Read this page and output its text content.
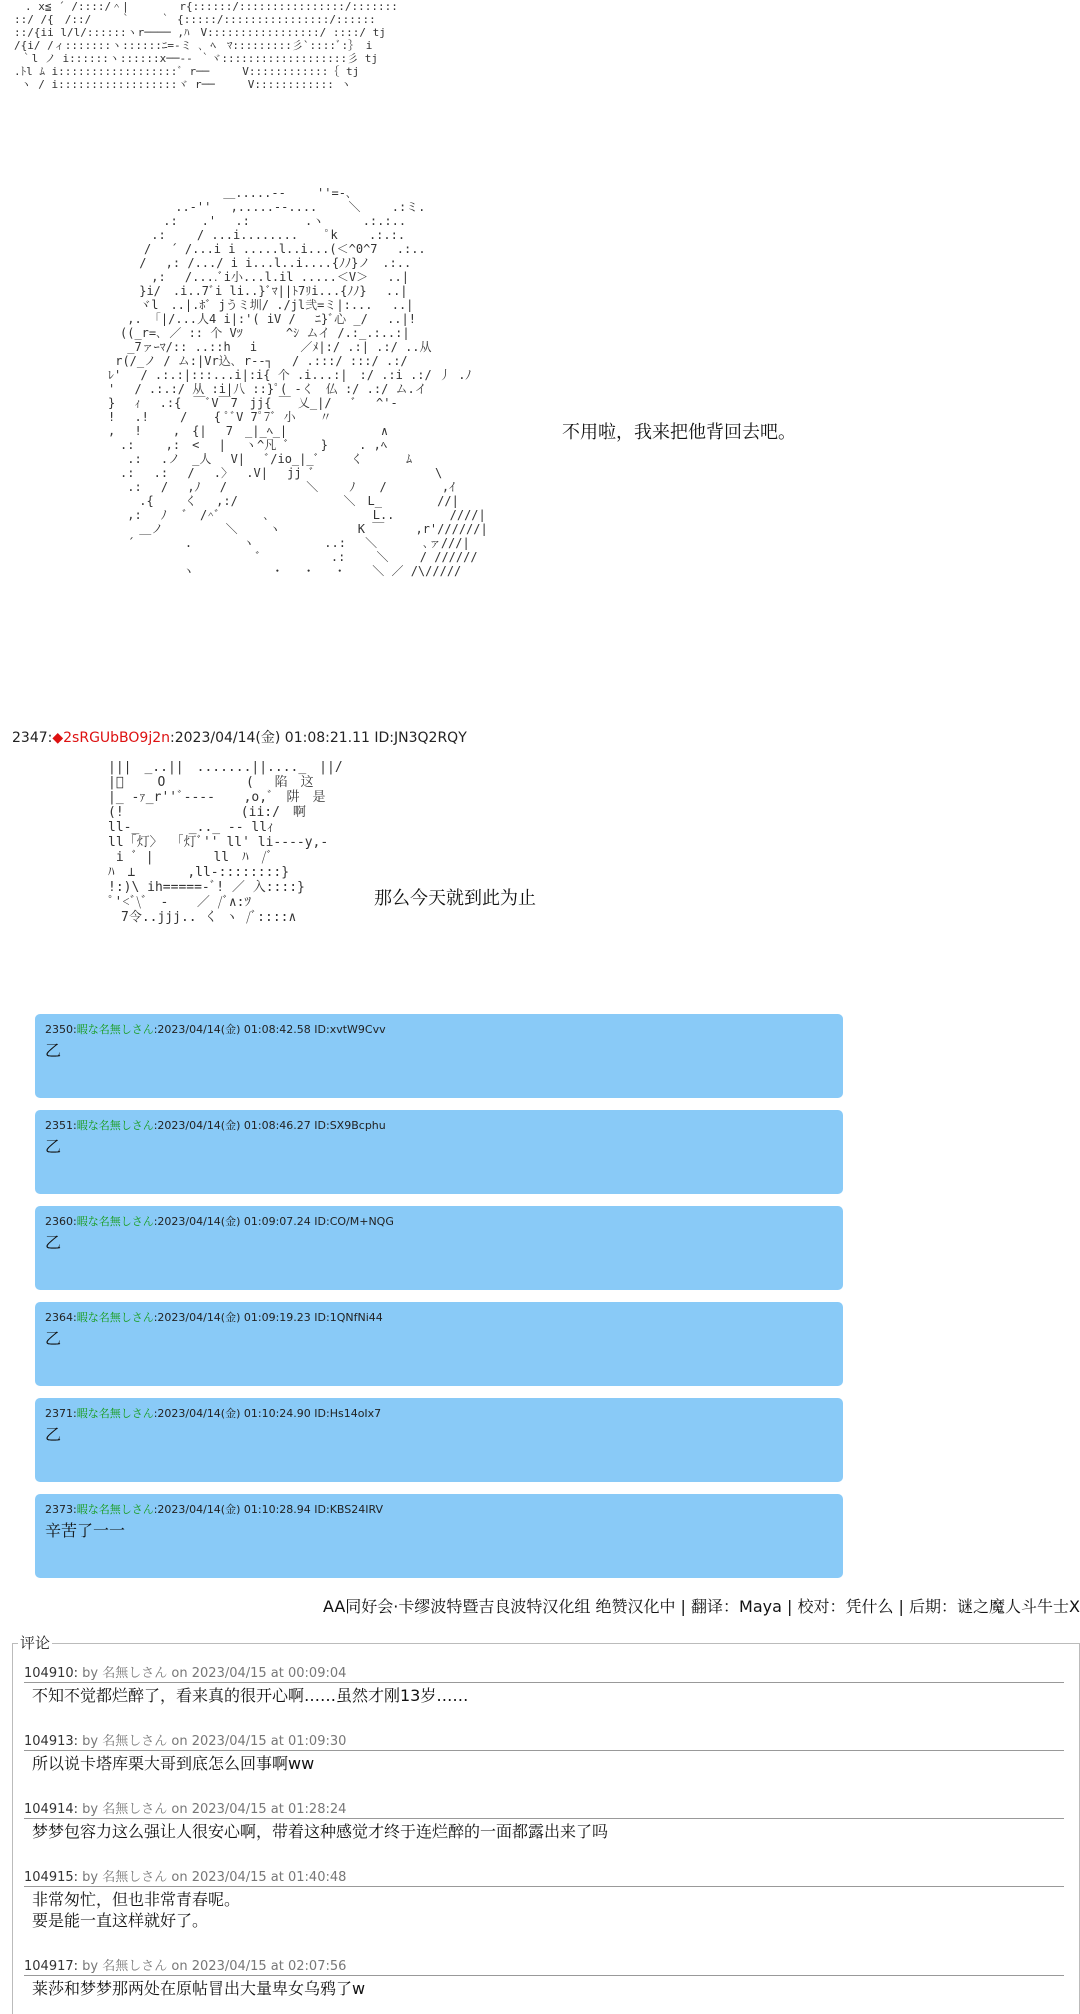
　. x≦ ´ /::::/＾|　　　　 r{::::::/::::::::::::::::/:::::::
::/ /{　/::/　　 ｀　　 ｀ {:::::/::::::::::::::::/::::::
::/{ii l/l/::::::ヽr──── ,ﾊ　V:::::::::::::::::/ ::::/ tj
/{i/ /ィ:::::::ヽ::::::ﾆ=-ミ ､ ﾍ　ﾏ:::::::::彡`::::ﾞ:｝ i
｀l ノ i::::::ヽ::::::x──-- ｀ヾ:::::::::::::::::::彡 tj
.ﾄl ﾑ i::::::::::::::::::ﾞ r──　　　V::::::::::::｛ tj
ヽ / i::::::::::::::::::ヾ r──　　　V:::::::::::: ヽ
　　　　　　　　　 ＿.....--　　 ''=-､
　　　　　 ..-''　 ,.....--....　　 ＼　　 .:ミ.
　　　　 .:　　.'　 .:　　　　 .ヽ　 　 .:.:..
　　　 .:　 　/ ...i........ 　 ﾟk　　 .:.:.
　　　/　 ´ /...i i .....l..i...(＜^0^7　 .:..
　　 /　 ,: /.../ i i...l..i....{ﾉﾉ}ノ　.:..
　　 　,:　 /....ﾞi小...l.il .....＜V＞　 ..|
　　 }i/　.i..7ﾞi li..}ﾞﾏ||ﾄ7ﾘi...{ﾉﾉ}　 ..|
　　 ヾl　..|.ﾎﾞ jうミ圳/ ./jl弐=ミ|:...　 ..|
　 ,. 「|/...人4 i|:'( iV / 　ﾆ}ﾞ心 _/　 ..|!
　((_r=､ ／ :: 个 Vﾂ　　　 ^ｼ ムイ /.:_.:..:|
　 _7ァｰﾏ/:: ..::h　 i　　　 ／ﾒ|:/ .:| .:/ ..从
r(/_ノ / ム:|Vr込､ r--┐　 / .:::/ :::/ .:/
ﾚ'　 / .:.:|:::...i|:i{ 个 .i...:|　:/ .:i .:/ 丿 .ﾉ
'　 / .:.:/ 从 :i|八 ::}ﾟ( -く　仏 :/ .:/ ム.イ
}　 ｨ　 .:{　￣ﾞV￣7　jj{ ￣ 乂_|/ 　ﾞ 　^'-
!　 .!　 　/ 　 { ﾟﾞV 7ﾟ7ﾞ 小　　〃
,　 !　　 ,　{|　 7　_|_ﾍ_|　　 　 　　　 ∧
　.:　　 ,:　<　 |　 ヽ^凡 ﾞ　　 }　　 . ,ﾍ
　 .:　 .ノ　_人　 V|　 ﾞ/io_|_ﾞ　　 く　　　 ﾑ
　.:　 .:　 /　 .〉　 .V|　 jj ﾞ　 　 　　 　 　 　\
　 .:　 /　 ,ﾉ　 /　　　　　　 ＼　　 ﾉ　　/　　　　 ,ｲ
　　 .{　　 く　 ,:/　 　　　　　 　 ＼　L_　　　　 //|
　 ,:　 ﾉ　 ﾞ　/^ﾞ　　　 ､ 　 　 　 　 　 L..　　　　 ////|
　　 ＿ノ　　　 　 ＼　　 ヽ 　 　　 　 K ￣　　 ,r'//////|
　 ´　 　　 .　　 　 ヽ　　 　 　 ..:　 ＼ 　 　 ､ァ///|
　　　　 　 　 　 　 　 ﾞ　 　　 　 .:　　 ＼　　 / //////
　　　　 　 ヽ　 　 　 　 ・　 ・　 ・ 　 ＼ ／ /\/////
不用啦，我来把他背回去吧。
2347:◆2sRGUbBO9j2n:2023/04/14(金) 01:08:21.11 ID:JN3Q2RQY
|||　_..||　.......||...._　||/
|ﾞ　 　O　　 　　 　(　 陷　这
|_ -ｧ_r''ﾞ---- 　 ,o,ﾞ　阱　是
(!　　 　 　 　 　 (ii:/　啊
ll-_ 　 　 _.._ -- llｨ
ll「灯〉 「灯ﾞ'' ll' li----y,-
i ﾞ |　　　　 ll　ﾊ　/ﾞ
ﾊ　⊥　　　　,ll-::::::::}
!:)\ ih=====-ﾞ! ／ 入::::}
ﾟ'<ﾞ\ﾞ　- 　 ／ /ﾞ∧:ﾂ
　7令..jjj.. く ヽ /ﾞ::::∧
那么今天就到此为止
2350:暇な名無しさん:2023/04/14(金) 01:08:42.58 ID:xvtW9Cvv
乙
2351:暇な名無しさん:2023/04/14(金) 01:08:46.27 ID:SX9Bcphu
乙
2360:暇な名無しさん:2023/04/14(金) 01:09:07.24 ID:CO/M+NQG
乙
2364:暇な名無しさん:2023/04/14(金) 01:09:19.23 ID:1QNfNi44
乙
2371:暇な名無しさん:2023/04/14(金) 01:10:24.90 ID:Hs14oIx7
乙
2373:暇な名無しさん:2023/04/14(金) 01:10:28.94 ID:KBS24IRV
辛苦了一一
AA同好会·卡缪波特暨吉良波特汉化组 绝赞汉化中 | 翻译：Maya | 校对：凭什么 | 后期：谜之魔人斗牛士X
评论
104910: by 名無しさん on 2023/04/15 at 00:09:04
不知不觉都烂醉了，看来真的很开心啊……虽然才刚13岁……
104913: by 名無しさん on 2023/04/15 at 01:09:30
所以说卡塔库栗大哥到底怎么回事啊ww
104914: by 名無しさん on 2023/04/15 at 01:28:24
梦梦包容力这么强让人很安心啊，带着这种感觉才终于连烂醉的一面都露出来了吗
104915: by 名無しさん on 2023/04/15 at 01:40:48
非常匆忙，但也非常青春呢。
要是能一直这样就好了。
104917: by 名無しさん on 2023/04/15 at 02:07:56
莱莎和梦梦那两处在原帖冒出大量卑女乌鸦了w
